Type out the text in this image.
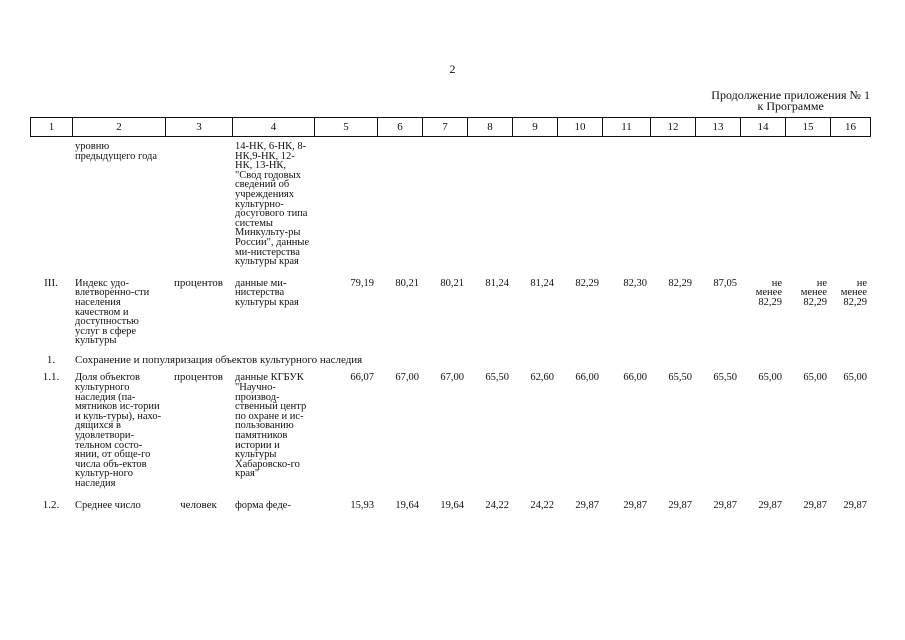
2
Продолжение приложения № 1
к Программе
1	2	3	4	5	6	7	8	9	10	11	12	13	14	15	16
	уровню предыдущего года		14-НК, 6-НК, 8-НК,9-НК, 12-НК, 13-НК, "Свод годовых сведений об учреждениях культурно-досугового типа системы Минкульту-ры России", данные ми-нистерства культуры края												
III.	Индекс удо-влетворенно-сти населения качеством и доступностью услуг в сфере культуры	процентов	данные ми-нистерства культуры края	79,19	80,21	80,21	81,24	81,24	82,29	82,30	82,29	87,05	не менее 82,29	не менее 82,29	не менее 82,29
1.	Сохранение и популяризация объектов культурного наследия														
1.1.	Доля объектов культурного наследия (па-мятников ис-тории и куль-туры), нахо-дящихся в удовлетвори-тельном состо-янии, от обще-го числа объ-ектов культур-ного наследия	процентов	данные КГБУК "Научно-производ-ственный центр по охране и ис-пользованию памятников истории и культуры Хабаровско-го края"	66,07	67,00	67,00	65,50	62,60	66,00	66,00	65,50	65,50	65,00	65,00	65,00
1.2.	Среднее число	человек	форма феде-	15,93	19,64	19,64	24,22	24,22	29,87	29,87	29,87	29,87	29,87	29,87	29,87
